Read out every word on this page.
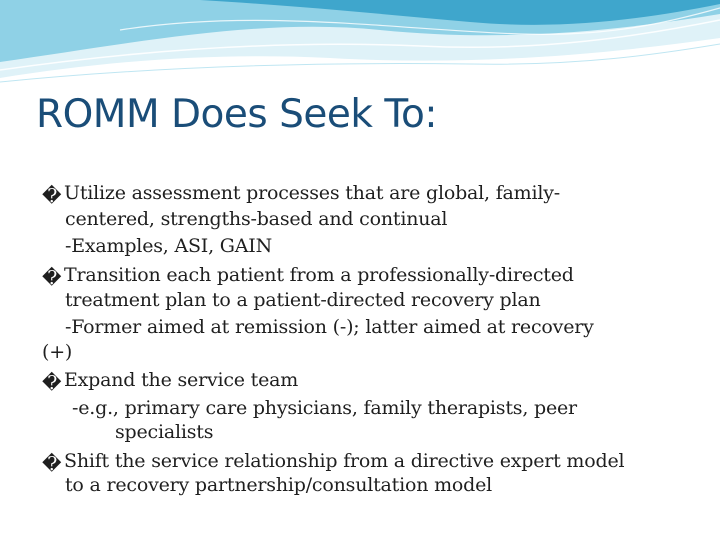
ROMM Does Seek To:
� Utilize assessment processes that are global, family-
centered, strengths-based and continual
-Examples, ASI, GAIN
� Transition each patient from a professionally-directed
treatment plan to a patient-directed recovery plan
-Former aimed at remission (-); latter aimed at recovery
(+)
� Expand the service team
-e.g., primary care physicians, family therapists, peer
specialists
� Shift the service relationship from a directive expert model
to a recovery partnership/consultation model
